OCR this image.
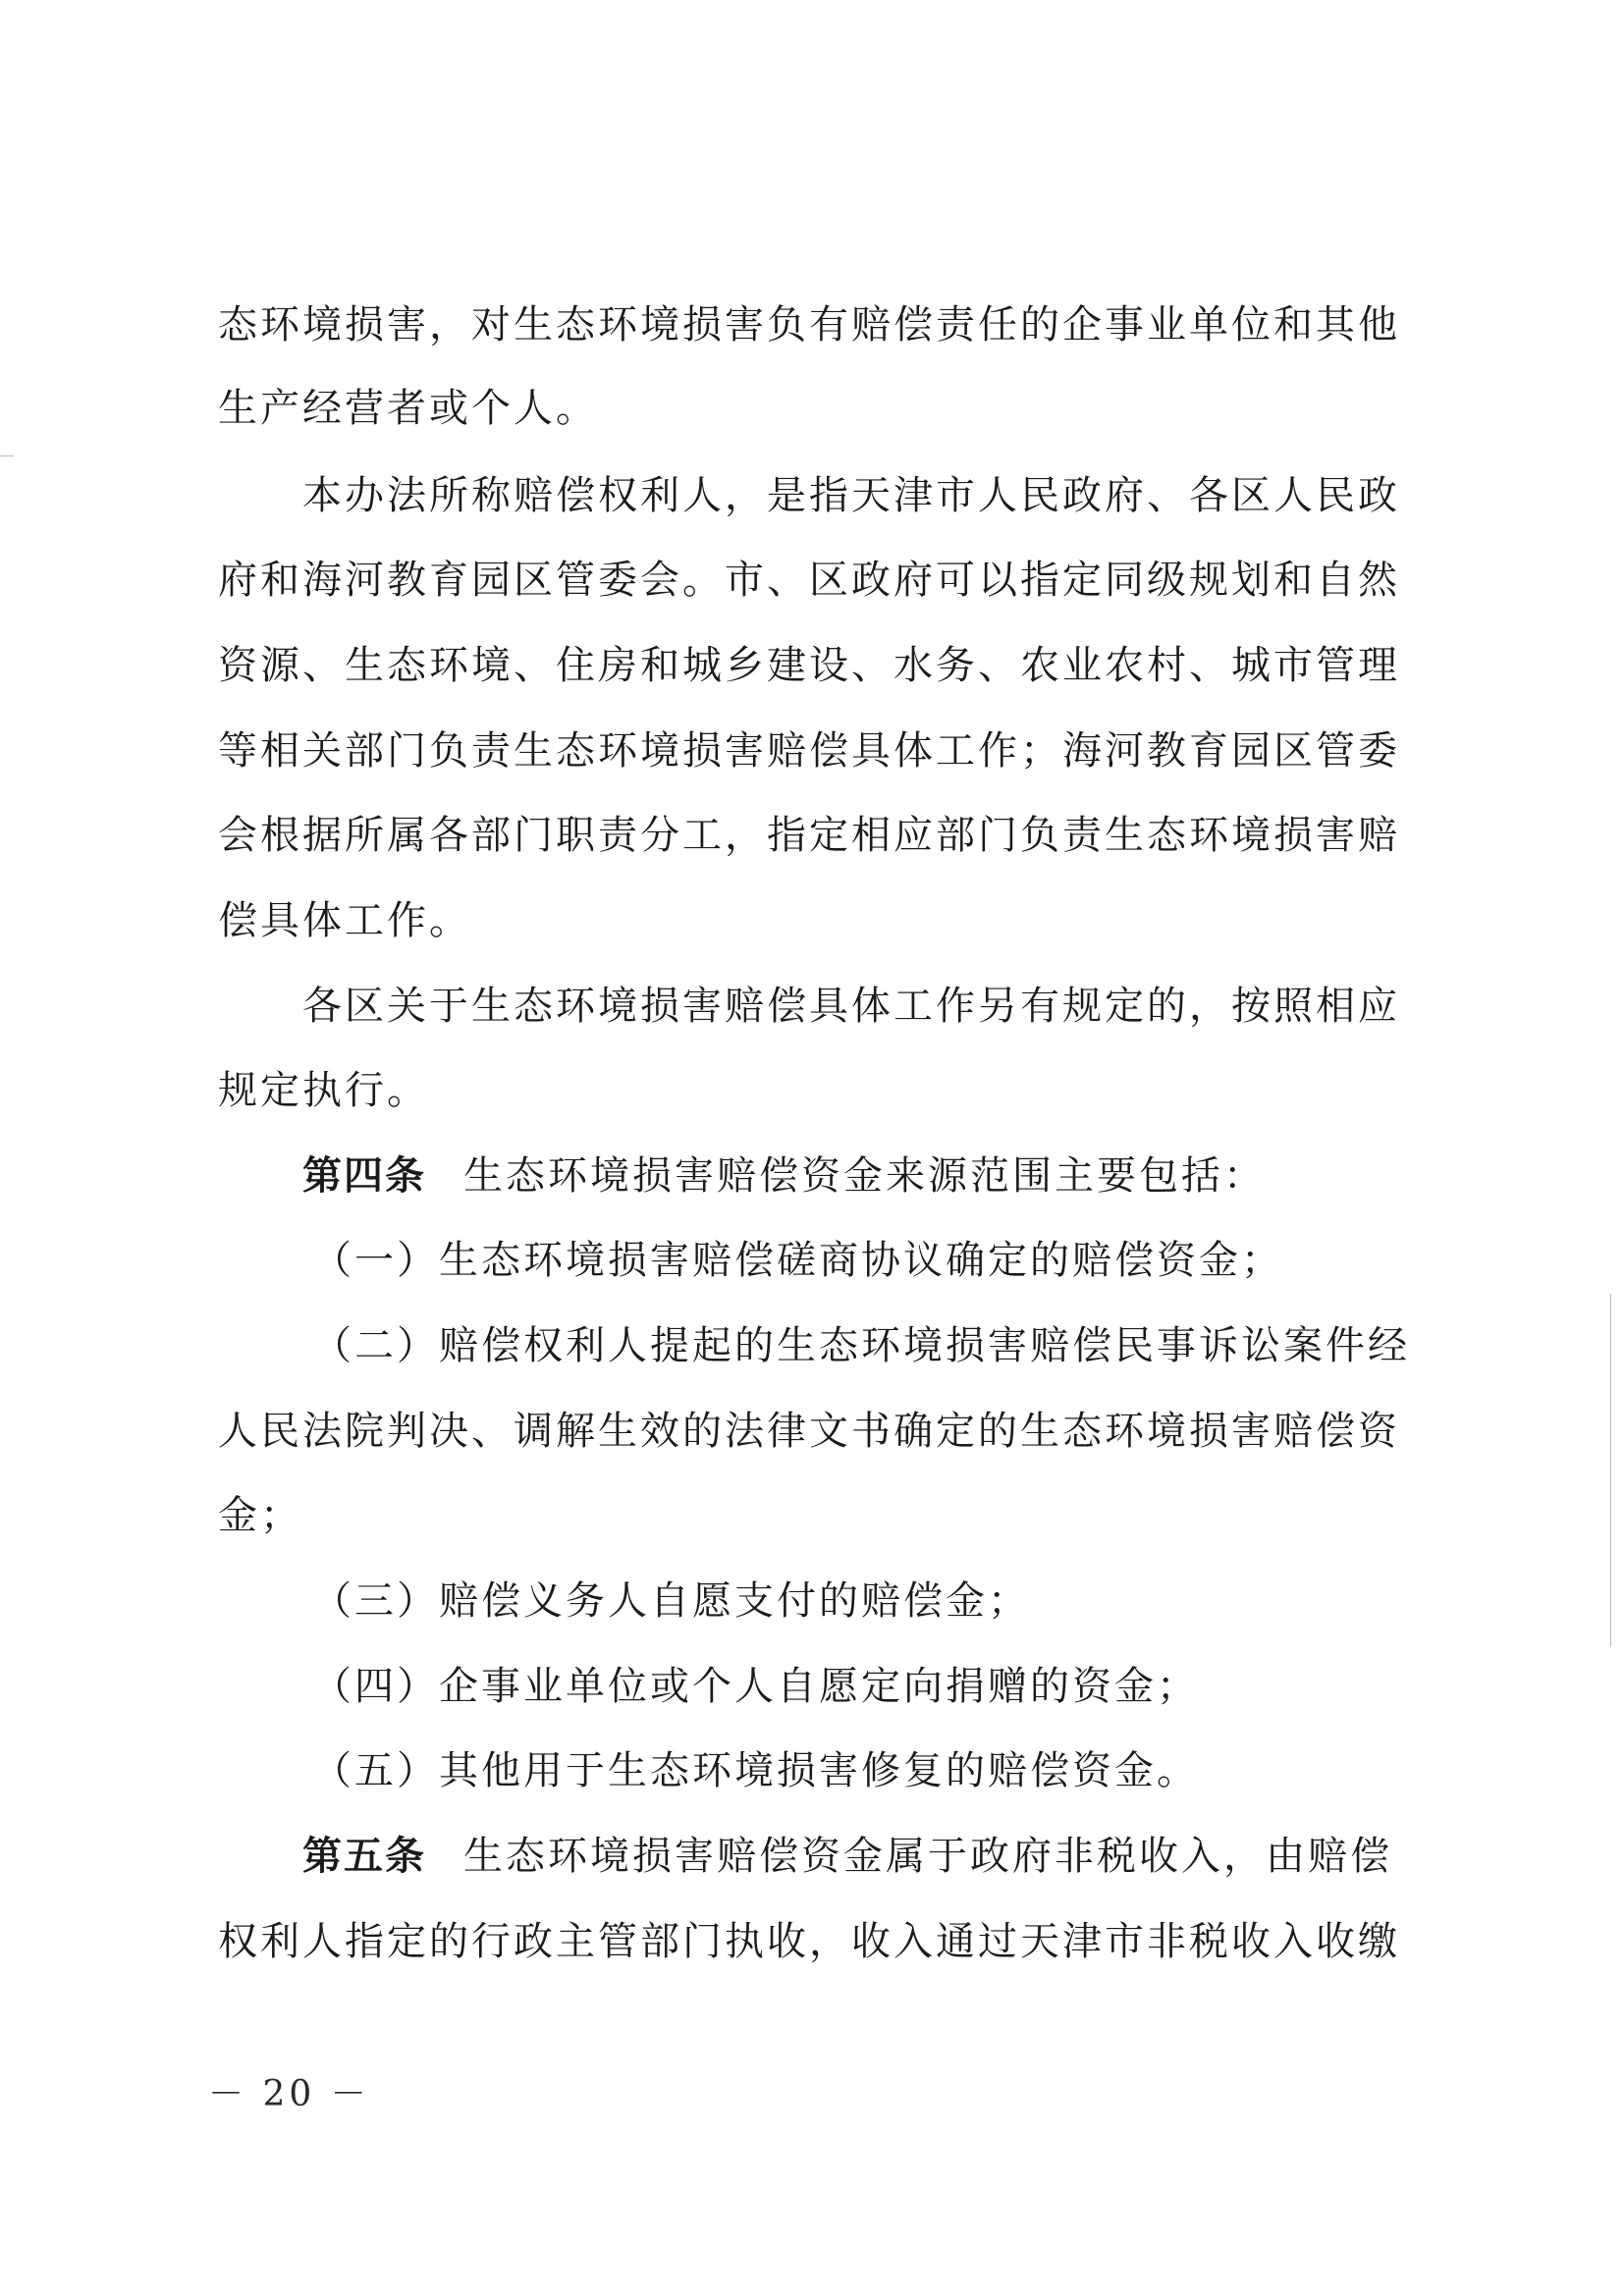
态环境损害，对生态环境损害负有赔偿责任的企事业单位和其他
生产经营者或个人。
本办法所称赔偿权利人，是指天津市人民政府、各区人民政
府和海河教育园区管委会。市、区政府可以指定同级规划和自然
资源、生态环境、住房和城乡建设、水务、农业农村、城市管理
等相关部门负责生态环境损害赔偿具体工作；海河教育园区管委
会根据所属各部门职责分工，指定相应部门负责生态环境损害赔
偿具体工作。
各区关于生态环境损害赔偿具体工作另有规定的，按照相应
规定执行。
第四条 生态环境损害赔偿资金来源范围主要包括：
（一）生态环境损害赔偿磋商协议确定的赔偿资金；
（二）赔偿权利人提起的生态环境损害赔偿民事诉讼案件经
人民法院判决、调解生效的法律文书确定的生态环境损害赔偿资
金；
（三）赔偿义务人自愿支付的赔偿金；
（四）企事业单位或个人自愿定向捐赠的资金；
（五）其他用于生态环境损害修复的赔偿资金。
第五条 生态环境损害赔偿资金属于政府非税收入，由赔偿
权利人指定的行政主管部门执收，收入通过天津市非税收入收缴
－ 20 －
